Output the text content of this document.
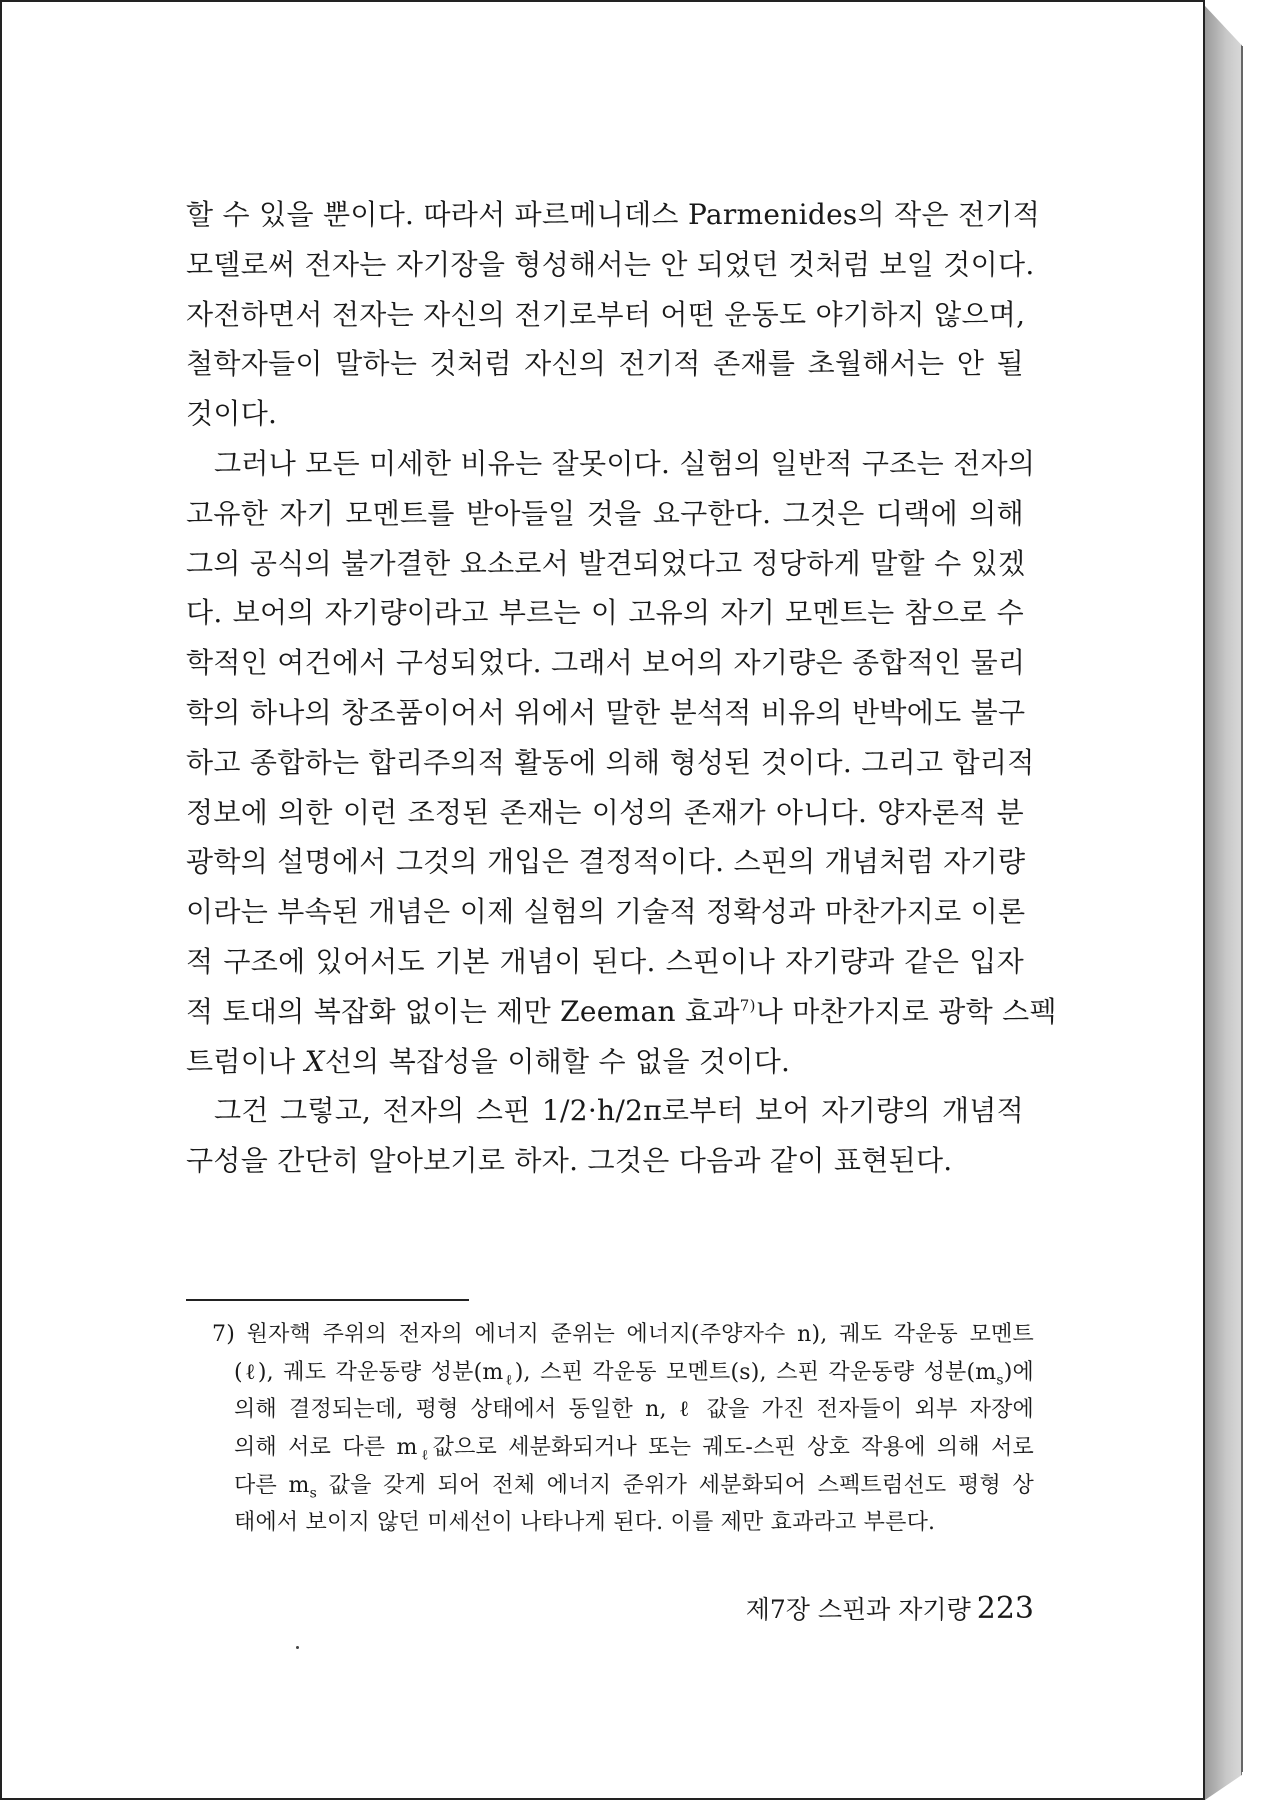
할 수 있을 뿐이다. 따라서 파르메니데스 Parmenides의 작은 전기적
모델로써 전자는 자기장을 형성해서는 안 되었던 것처럼 보일 것이다.
자전하면서 전자는 자신의 전기로부터 어떤 운동도 야기하지 않으며,
철학자들이 말하는 것처럼 자신의 전기적 존재를 초월해서는 안 될
것이다.
그러나 모든 미세한 비유는 잘못이다. 실험의 일반적 구조는 전자의
고유한 자기 모멘트를 받아들일 것을 요구한다. 그것은 디랙에 의해
그의 공식의 불가결한 요소로서 발견되었다고 정당하게 말할 수 있겠
다. 보어의 자기량이라고 부르는 이 고유의 자기 모멘트는 참으로 수
학적인 여건에서 구성되었다. 그래서 보어의 자기량은 종합적인 물리
학의 하나의 창조품이어서 위에서 말한 분석적 비유의 반박에도 불구
하고 종합하는 합리주의적 활동에 의해 형성된 것이다. 그리고 합리적
정보에 의한 이런 조정된 존재는 이성의 존재가 아니다. 양자론적 분
광학의 설명에서 그것의 개입은 결정적이다. 스핀의 개념처럼 자기량
이라는 부속된 개념은 이제 실험의 기술적 정확성과 마찬가지로 이론
적 구조에 있어서도 기본 개념이 된다. 스핀이나 자기량과 같은 입자
적 토대의 복잡화 없이는 제만 Zeeman 효과$^{7)}$나 마찬가지로 광학 스펙
트럼이나 X선의 복잡성을 이해할 수 없을 것이다.
그건 그렇고, 전자의 스핀 1/2·h/2π로부터 보어 자기량의 개념적
구성을 간단히 알아보기로 하자. 그것은 다음과 같이 표현된다.
7) 원자핵 주위의 전자의 에너지 준위는 에너지(주양자수 n), 궤도 각운동 모멘트
(ℓ), 궤도 각운동량 성분$(m_\ell)$, 스핀 각운동 모멘트(s), 스핀 각운동량 성분$(m_s)$에
의해 결정되는데, 평형 상태에서 동일한 n, ℓ 값을 가진 전자들이 외부 자장에
의해 서로 다른 $m_\ell$값으로 세분화되거나 또는 궤도-스핀 상호 작용에 의해 서로
다른 $m_s$ 값을 갖게 되어 전체 에너지 준위가 세분화되어 스펙트럼선도 평형 상
태에서 보이지 않던 미세선이 나타나게 된다. 이를 제만 효과라고 부른다.
제7장 스핀과 자기량 223
